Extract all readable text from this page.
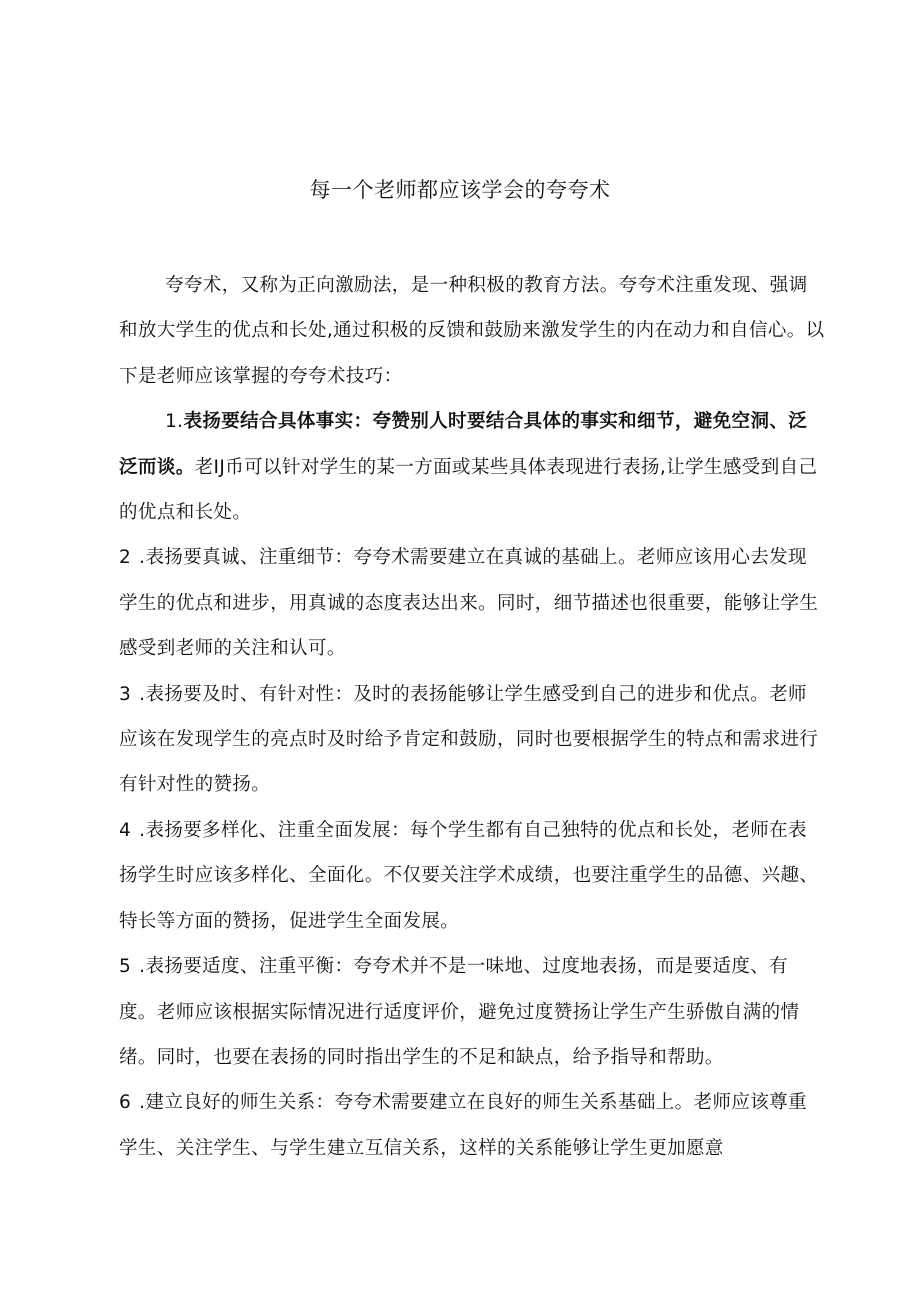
每一个老师都应该学会的夸夸术

夸夸术，又称为正向激励法，是一种积极的教育方法。夸夸术注重发现、强调和放大学生的优点和长处,通过积极的反馈和鼓励来激发学生的内在动力和自信心。以下是老师应该掌握的夸夸术技巧：

1.表扬要结合具体事实：夸赞别人时要结合具体的事实和细节，避免空洞、泛泛而谈。老IJ币可以针对学生的某一方面或某些具体表现进行表扬,让学生感受到自己的优点和长处。

2 .表扬要真诚、注重细节：夸夸术需要建立在真诚的基础上。老师应该用心去发现学生的优点和进步，用真诚的态度表达出来。同时，细节描述也很重要，能够让学生感受到老师的关注和认可。

3 .表扬要及时、有针对性：及时的表扬能够让学生感受到自己的进步和优点。老师应该在发现学生的亮点时及时给予肯定和鼓励，同时也要根据学生的特点和需求进行有针对性的赞扬。

4 .表扬要多样化、注重全面发展：每个学生都有自己独特的优点和长处，老师在表扬学生时应该多样化、全面化。不仅要关注学术成绩，也要注重学生的品德、兴趣、特长等方面的赞扬，促进学生全面发展。

5 .表扬要适度、注重平衡：夸夸术并不是一味地、过度地表扬，而是要适度、有度。老师应该根据实际情况进行适度评价，避免过度赞扬让学生产生骄傲自满的情绪。同时，也要在表扬的同时指出学生的不足和缺点，给予指导和帮助。

6 .建立良好的师生关系：夸夸术需要建立在良好的师生关系基础上。老师应该尊重学生、关注学生、与学生建立互信关系，这样的关系能够让学生更加愿意
